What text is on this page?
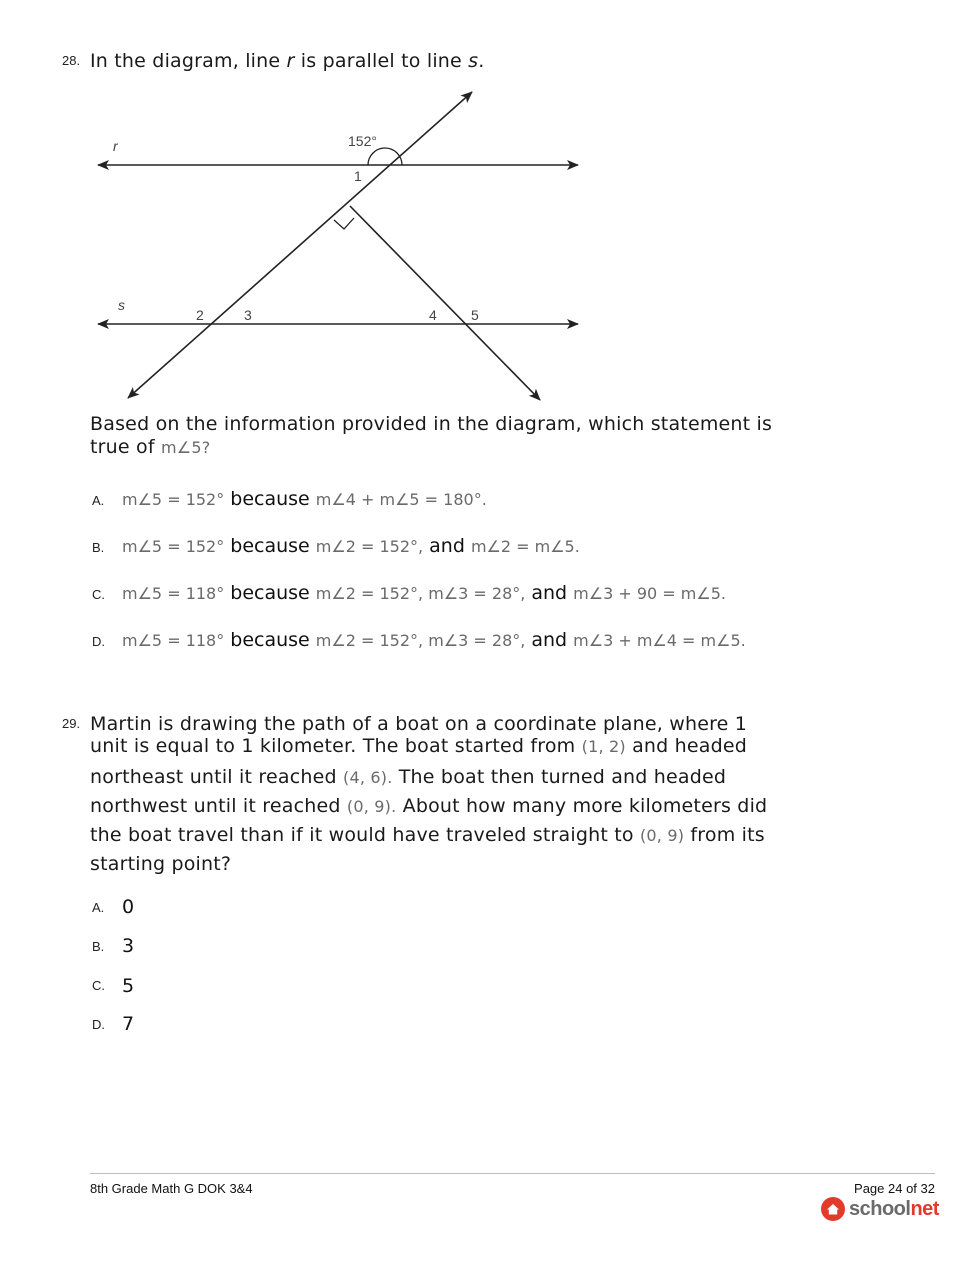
28. In the diagram, line r is parallel to line s.
152°
r
s
1
2	3	4 5
Based on the information provided in the diagram, which statement is
true of m∠5?
A. m∠5 = 152° because m∠4 + m∠5 = 180°.
B. m∠5 = 152° because m∠2 = 152°, and m∠2 = m∠5.
C. m∠5 = 118° because m∠2 = 152°, m∠3 = 28°, and m∠3 + 90 = m∠5.
D. m∠5 = 118° because m∠2 = 152°, m∠3 = 28°, and m∠3 + m∠4 = m∠5.
29. Martin is drawing the path of a boat on a coordinate plane, where 1
unit is equal to 1 kilometer. The boat started from (1, 2) and headed
northeast until it reached (4, 6). The boat then turned and headed
northwest until it reached (0, 9). About how many more kilometers did
the boat travel than if it would have traveled straight to (0, 9) from its
starting point?
A. 0
B. 3
C. 5
D. 7
8th Grade Math G DOK 3&4	Page 24 of 32
schoolnet
